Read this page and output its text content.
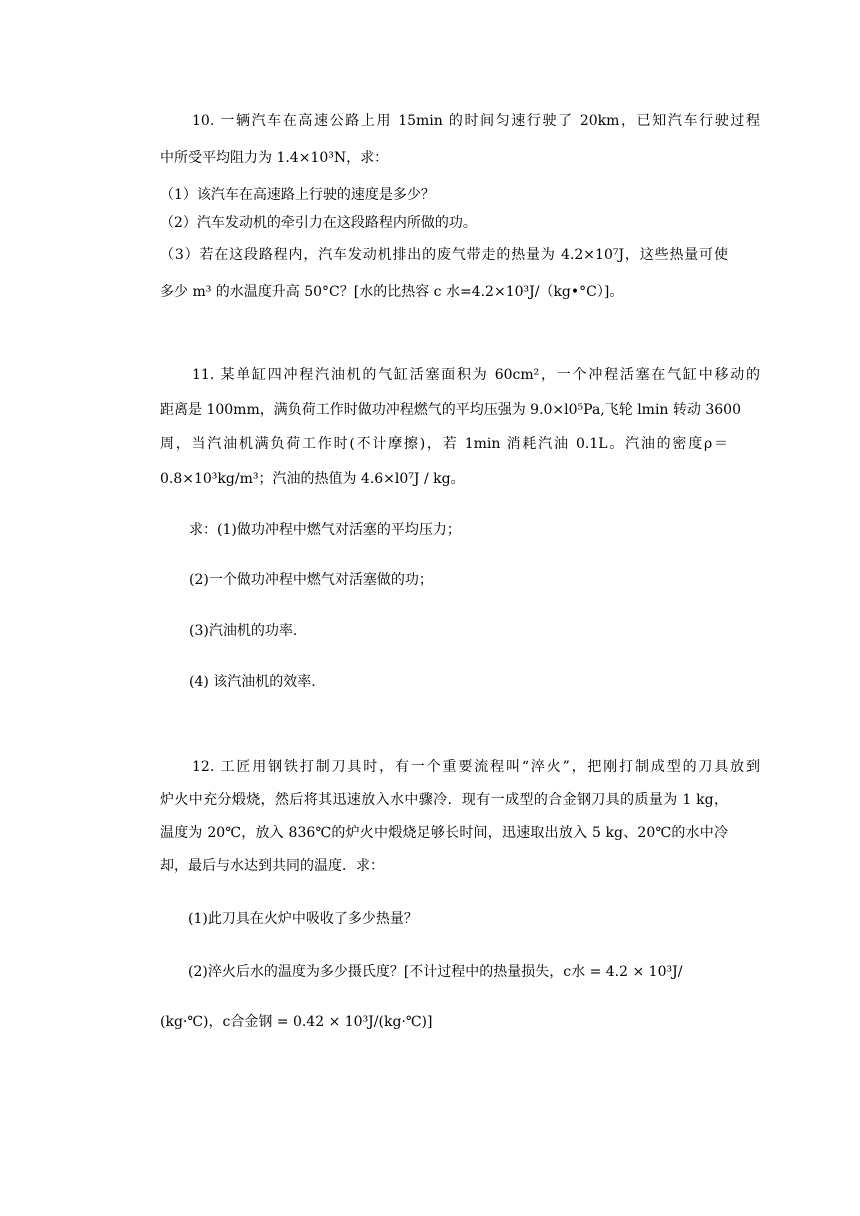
10. 一辆汽车在高速公路上用 15min 的时间匀速行驶了 20km，已知汽车行驶过程
中所受平均阻力为 1.4×10³N，求：
（1）该汽车在高速路上行驶的速度是多少？
（2）汽车发动机的牵引力在这段路程内所做的功。
（3）若在这段路程内，汽车发动机排出的废气带走的热量为 4.2×10⁷J，这些热量可使
多少 m³ 的水温度升高 50°C？[水的比热容 c 水=4.2×10³J/（kg•°C）]。
11. 某单缸四冲程汽油机的气缸活塞面积为 60cm²，一个冲程活塞在气缸中移动的
距离是 100mm，满负荷工作时做功冲程燃气的平均压强为 9.0×l0⁵Pa,飞轮 lmin 转动 3600
周，当汽油机满负荷工作时(不计摩擦)，若 1min 消耗汽油 0.1L。汽油的密度ρ＝
0.8×10³kg/m³；汽油的热值为 4.6×l0⁷J / kg。
求：(1)做功冲程中燃气对活塞的平均压力；
(2)一个做功冲程中燃气对活塞做的功；
(3)汽油机的功率.
(4) 该汽油机的效率.
12. 工匠用钢铁打制刀具时，有一个重要流程叫“淬火”，把刚打制成型的刀具放到
炉火中充分煅烧，然后将其迅速放入水中骤冷．现有一成型的合金钢刀具的质量为 1 kg，
温度为 20℃，放入 836℃的炉火中煅烧足够长时间，迅速取出放入 5 kg、20℃的水中冷
却，最后与水达到共同的温度．求：
(1)此刀具在火炉中吸收了多少热量？
(2)淬火后水的温度为多少摄氏度？[不计过程中的热量损失，c水 = 4.2 × 10³J/
(kg·℃)，c合金钢 = 0.42 × 10³J/(kg·℃)]
